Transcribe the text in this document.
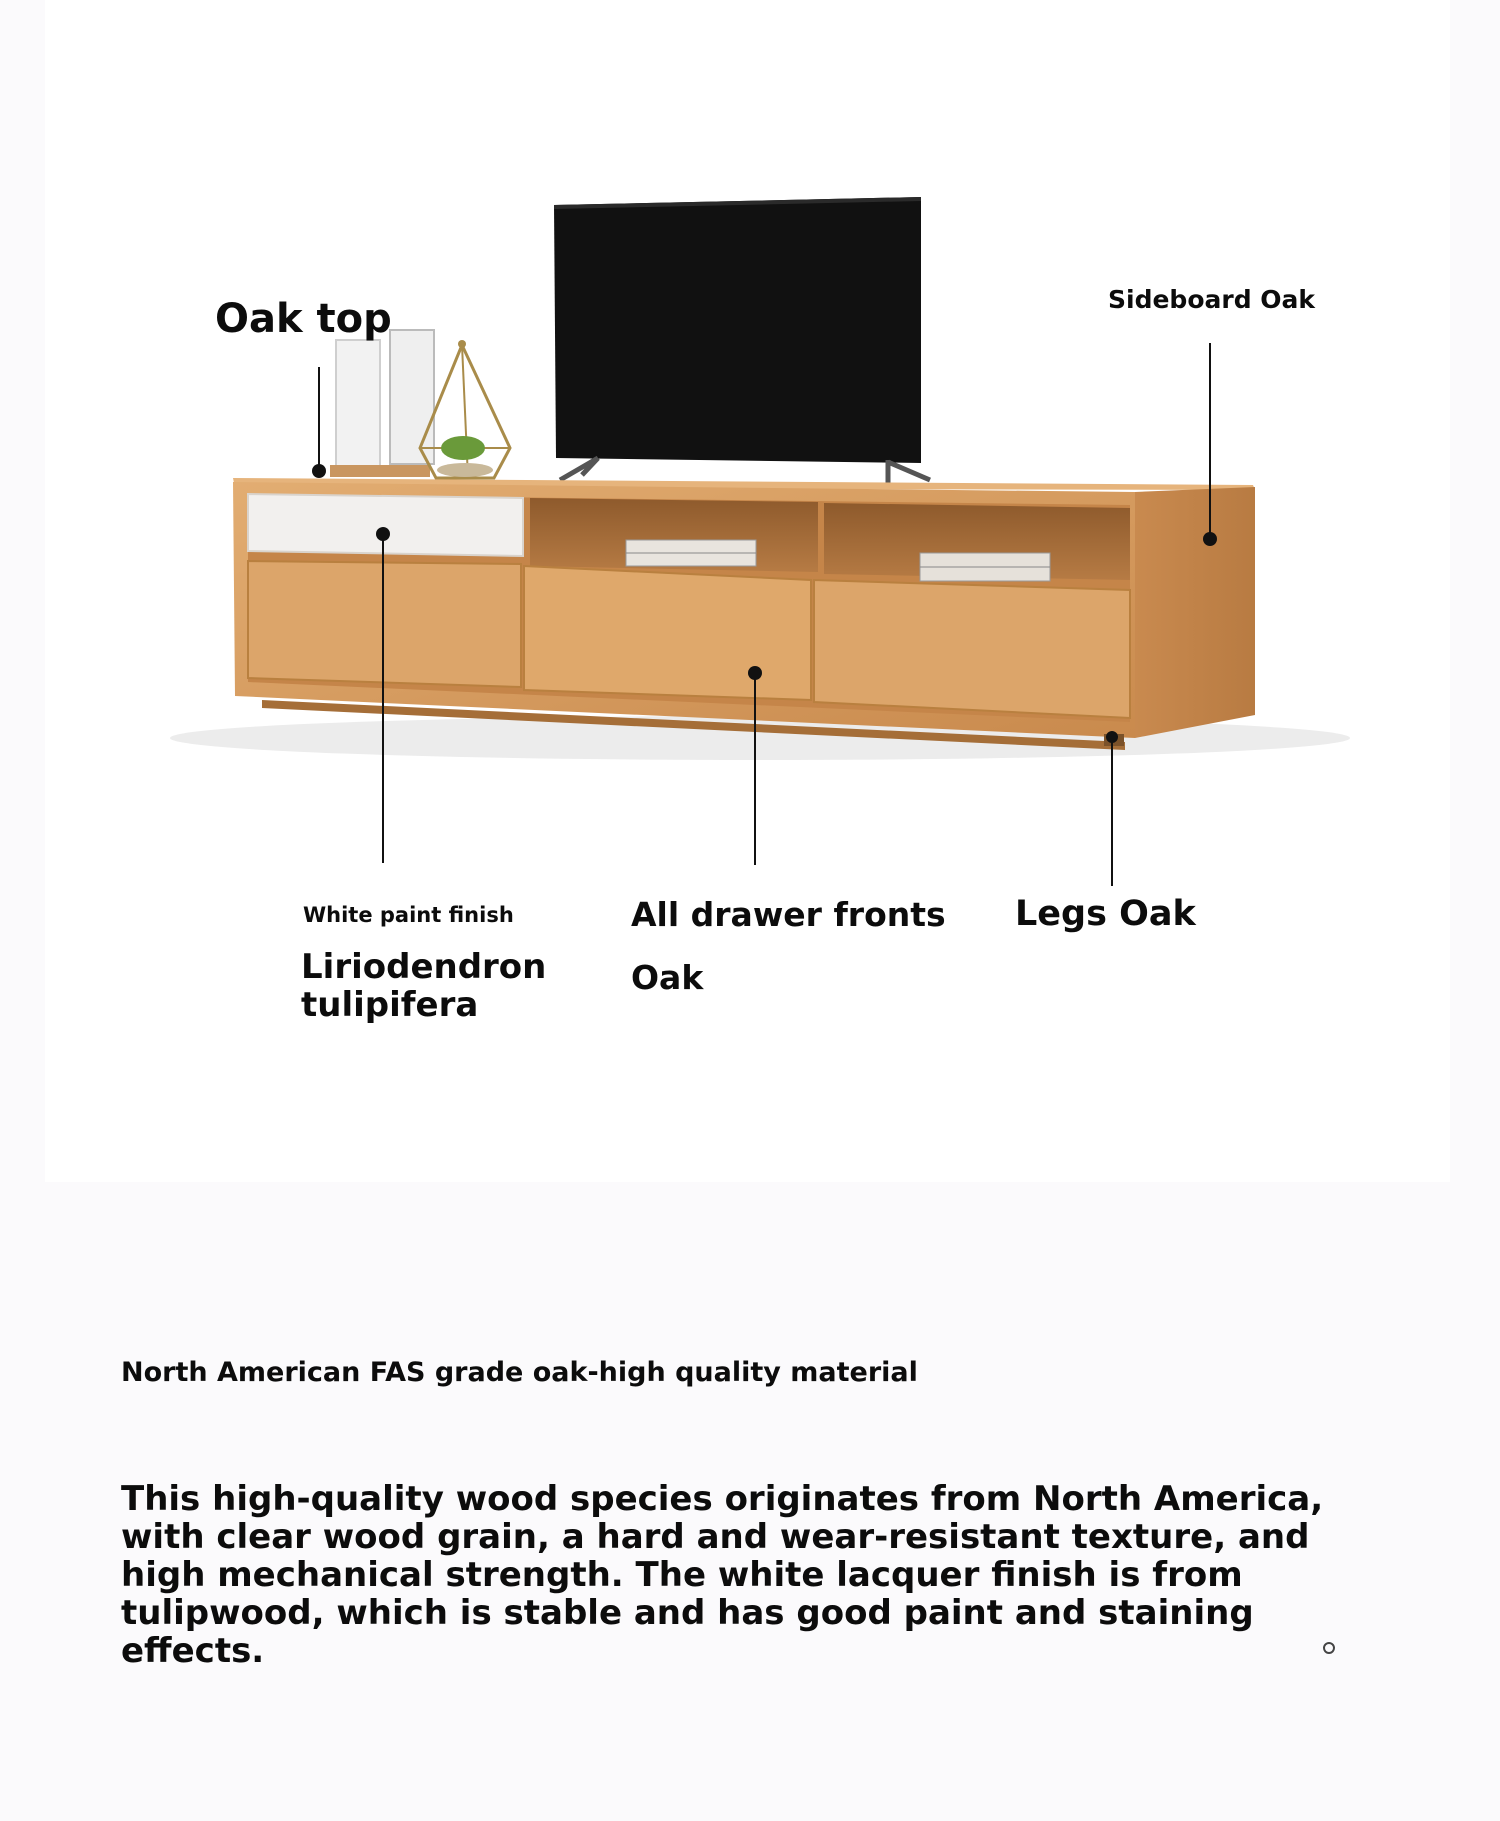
Oak top	Sideboard Oak
White paint finish
Liriodendron tulipifera
All drawer fronts
Oak
Legs Oak
North American FAS grade oak-high quality material
This high-quality wood species originates from North America, with clear wood grain, a hard and wear-resistant texture, and high mechanical strength. The white lacquer finish is from tulipwood, which is stable and has good paint and staining effects.
